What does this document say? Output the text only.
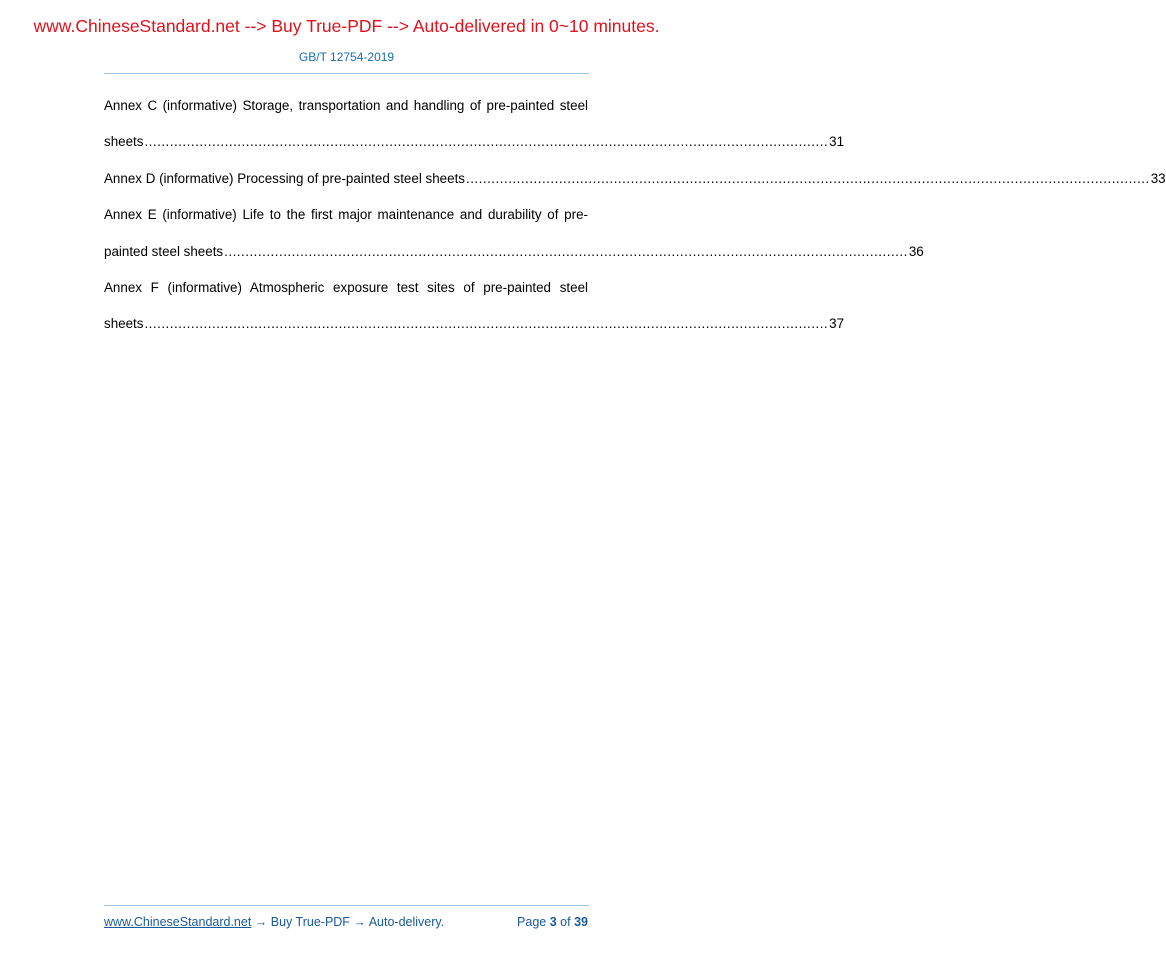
www.ChineseStandard.net --> Buy True-PDF --> Auto-delivered in 0~10 minutes.
GB/T 12754-2019
Annex C (informative) Storage, transportation and handling of pre-painted steel
sheets .................................................................................................................................................................. 31
Annex D (informative) Processing of pre-painted steel sheets .................................................................................................................................................................. 33
Annex E (informative) Life to the first major maintenance and durability of pre-
painted steel sheets .................................................................................................................................................................. 36
Annex F (informative) Atmospheric exposure test sites of pre-painted steel
sheets .................................................................................................................................................................. 37
www.ChineseStandard.net → Buy True-PDF → Auto-delivery.	Page 3 of 39
